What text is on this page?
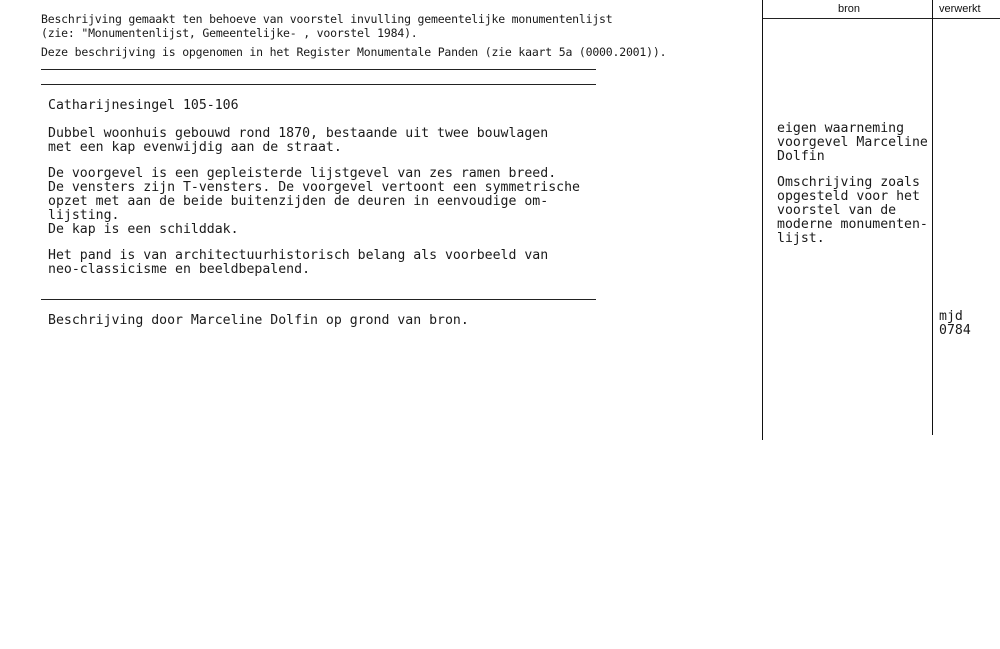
Beschrijving gemaakt ten behoeve van voorstel invulling gemeentelijke monumentenlijst
(zie: "Monumentenlijst, Gemeentelijke- , voorstel 1984).
Deze beschrijving is opgenomen in het Register Monumentale Panden (zie kaart 5a (0000.2001)).
bron	verwerkt
Catharijnesingel 105-106
Dubbel woonhuis gebouwd rond 1870, bestaande uit twee bouwlagen
met een kap evenwijdig aan de straat.
De voorgevel is een gepleisterde lijstgevel van zes ramen breed.
De vensters zijn T-vensters. De voorgevel vertoont een symmetrische
opzet met aan de beide buitenzijden de deuren in eenvoudige om-
lijsting.
De kap is een schilddak.
Het pand is van architectuurhistorisch belang als voorbeeld van
neo-classicisme en beeldbepalend.
Beschrijving door Marceline Dolfin op grond van bron.
eigen waarneming
voorgevel Marceline
Dolfin
Omschrijving zoals
opgesteld voor het
voorstel van de
moderne monumenten-
lijst.
mjd
0784
